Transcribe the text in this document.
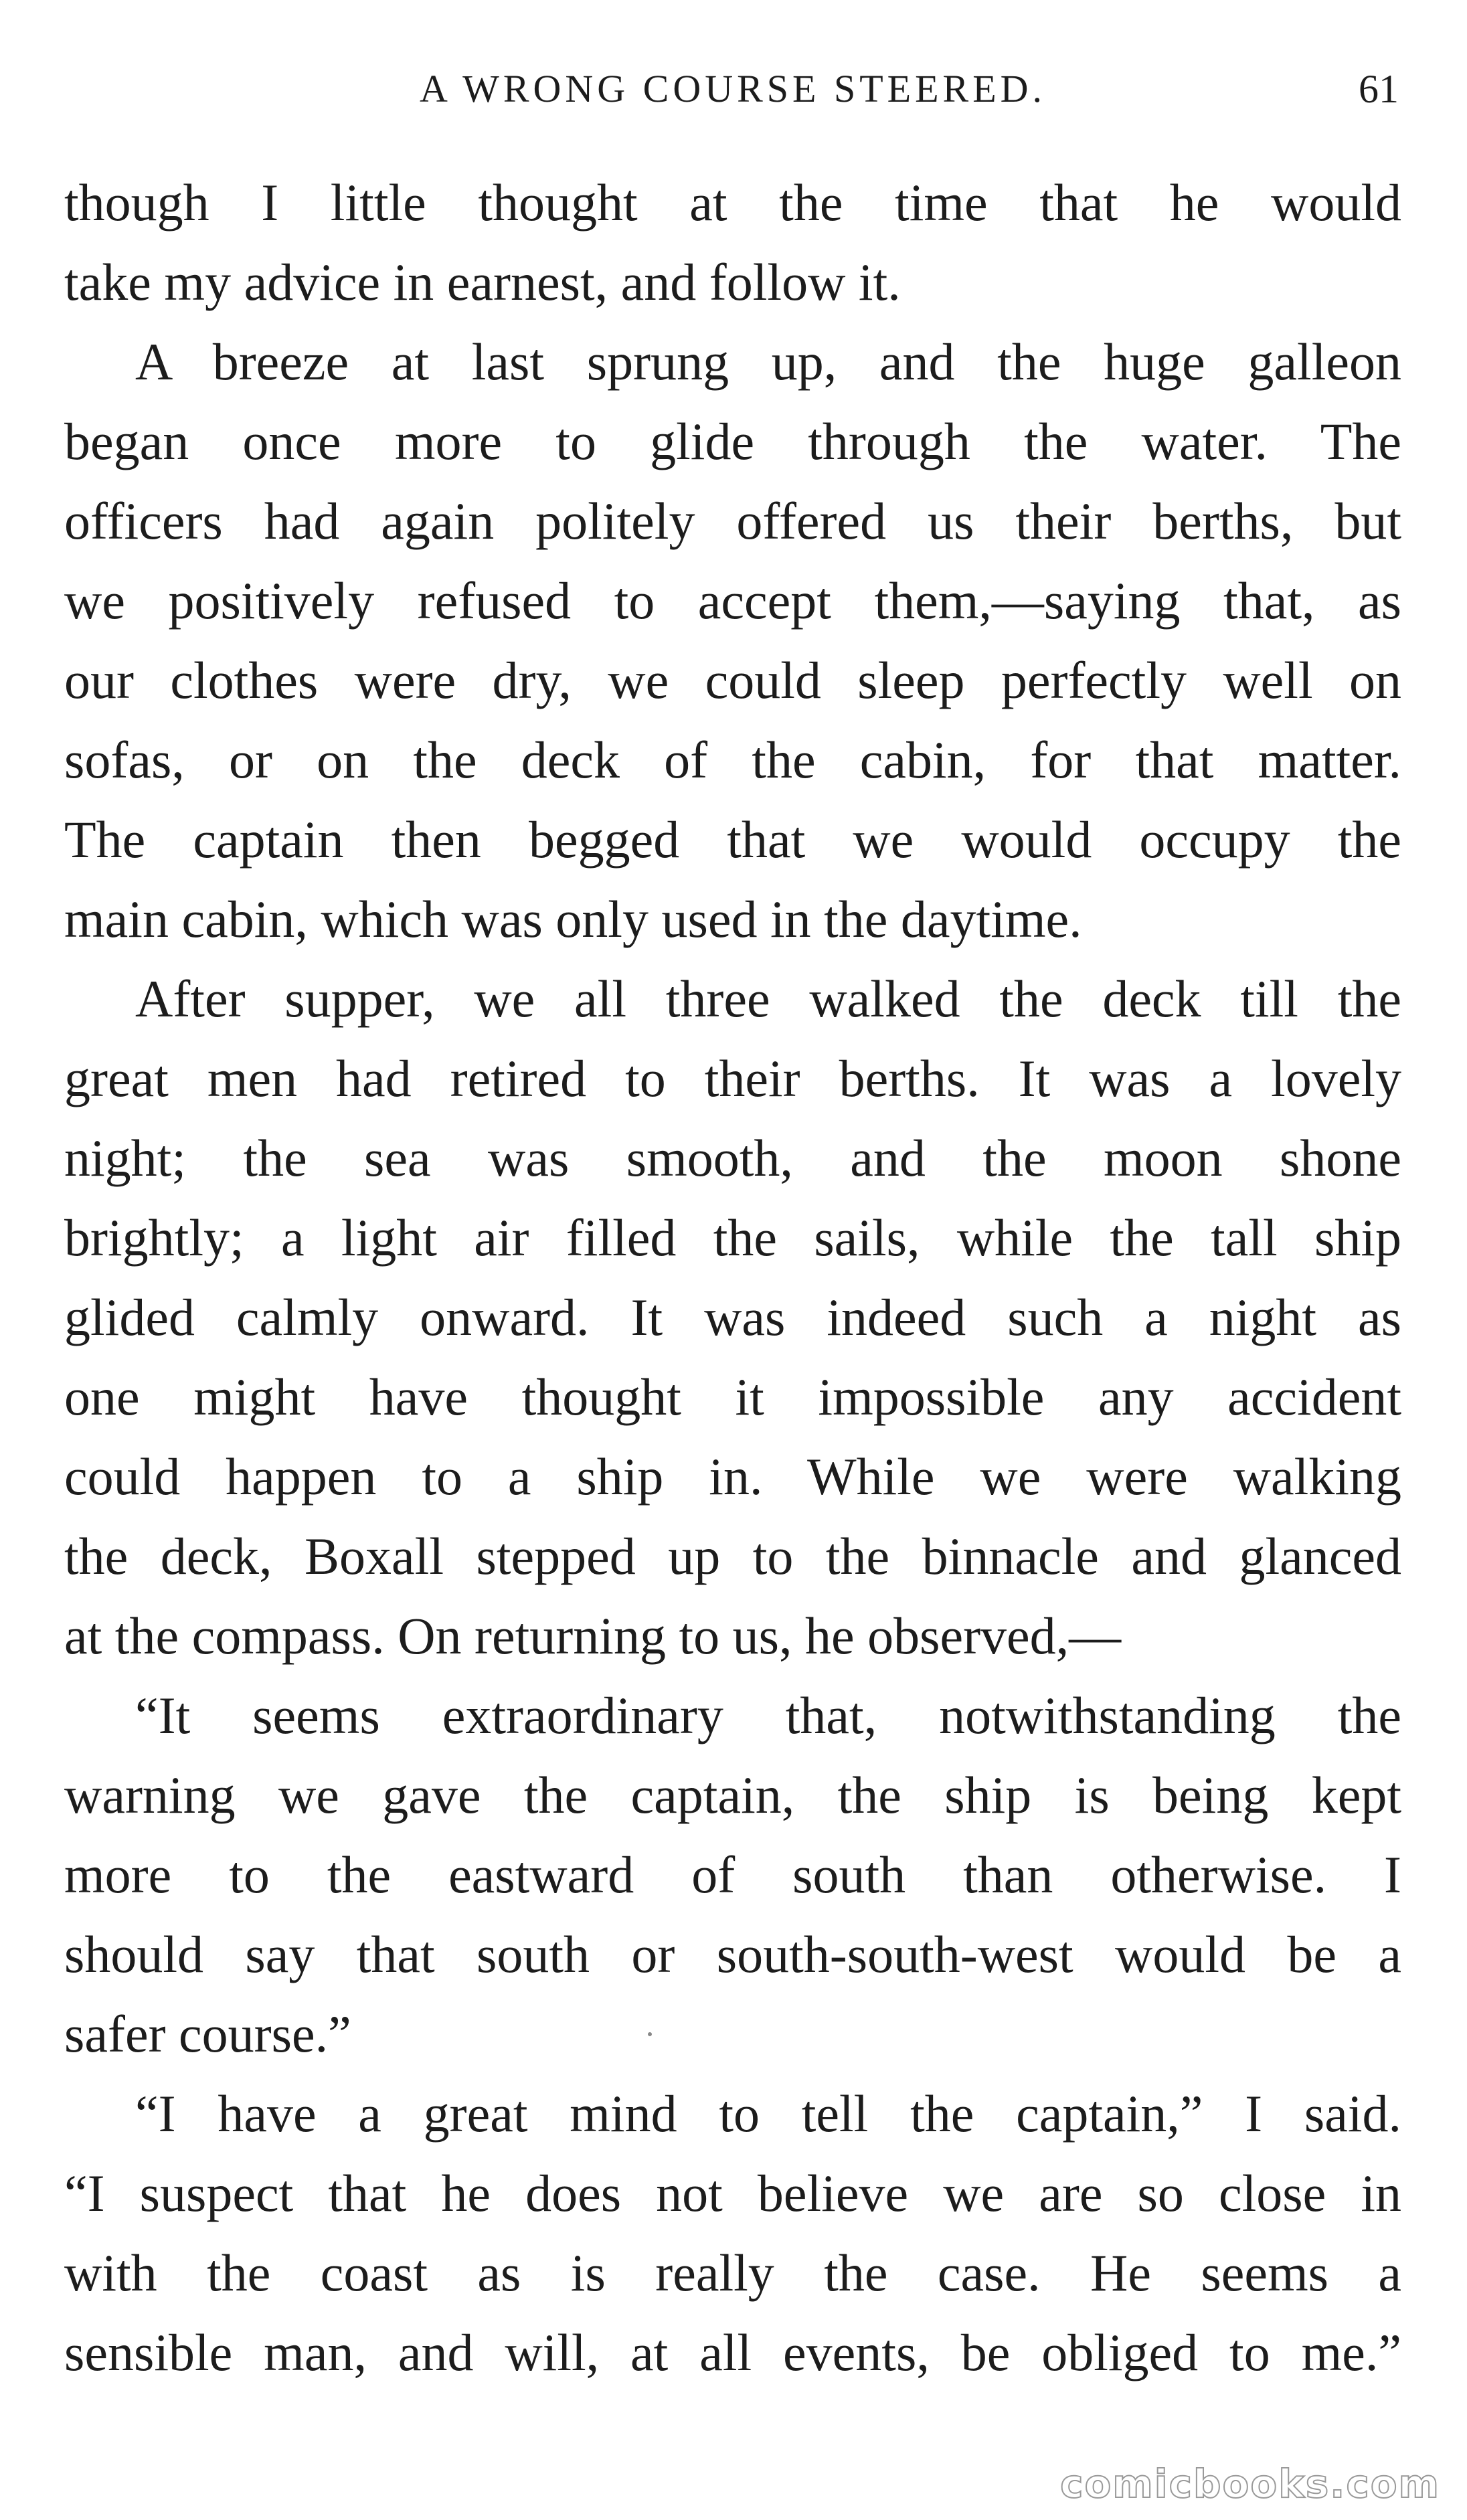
A WRONG COURSE STEERED.	61
though I little thought at the time that he would
take my advice in earnest, and follow it.
A breeze at last sprung up, and the huge galleon
began once more to glide through the water. The
officers had again politely offered us their berths, but
we positively refused to accept them,—saying that, as
our clothes were dry, we could sleep perfectly well on
sofas, or on the deck of the cabin, for that matter.
The captain then begged that we would occupy the
main cabin, which was only used in the daytime.
After supper, we all three walked the deck till the
great men had retired to their berths. It was a lovely
night; the sea was smooth, and the moon shone
brightly; a light air filled the sails, while the tall ship
glided calmly onward. It was indeed such a night as
one might have thought it impossible any accident
could happen to a ship in. While we were walking
the deck, Boxall stepped up to the binnacle and glanced
at the compass. On returning to us, he observed,—
“It seems extraordinary that, notwithstanding the
warning we gave the captain, the ship is being kept
more to the eastward of south than otherwise. I
should say that south or south-south-west would be a
safer course.”
“I have a great mind to tell the captain,” I said.
“I suspect that he does not believe we are so close in
with the coast as is really the case. He seems a
sensible man, and will, at all events, be obliged to me.”
comicbooks.com
